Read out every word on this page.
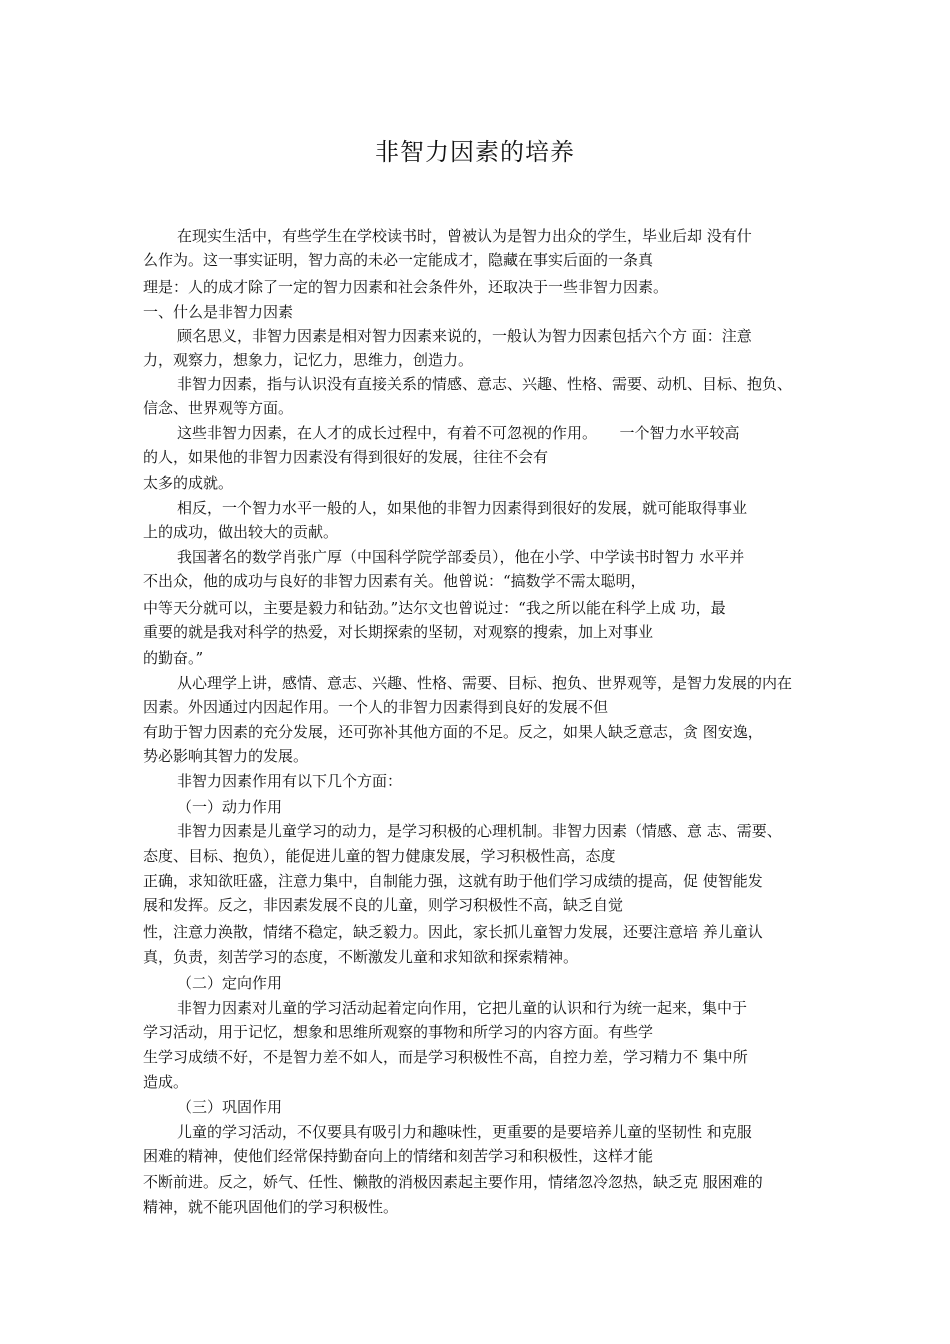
非智力因素的培养

在现实生活中，有些学生在学校读书时，曾被认为是智力出众的学生，毕业后却 没有什

么作为。这一事实证明，智力高的未必一定能成才，隐藏在事实后面的一条真

理是：人的成才除了一定的智力因素和社会条件外，还取决于一些非智力因素。

一、什么是非智力因素

顾名思义，非智力因素是相对智力因素来说的，一般认为智力因素包括六个方 面：注意

力，观察力，想象力，记忆力，思维力，创造力。

非智力因素，指与认识没有直接关系的情感、意志、兴趣、性格、需要、动机、目标、抱负、

信念、世界观等方面。

这些非智力因素，在人才的成长过程中，有着不可忽视的作用。　　一个智力水平较高

的人，如果他的非智力因素没有得到很好的发展，往往不会有

太多的成就。

相反，一个智力水平一般的人，如果他的非智力因素得到很好的发展，就可能取得事业

上的成功，做出较大的贡献。

我国著名的数学肖张广厚（中国科学院学部委员），他在小学、中学读书时智力 水平并

不出众，他的成功与良好的非智力因素有关。他曾说：“搞数学不需太聪明，

中等天分就可以，主要是毅力和钻劲。”达尔文也曾说过：“我之所以能在科学上成 功，最

重要的就是我对科学的热爱，对长期探索的坚韧，对观察的搜索，加上对事业

的勤奋。”

从心理学上讲，感情、意志、兴趣、性格、需要、目标、抱负、世界观等，是智力发展的内在

因素。外因通过内因起作用。一个人的非智力因素得到良好的发展不但

有助于智力因素的充分发展，还可弥补其他方面的不足。反之，如果人缺乏意志，贪 图安逸，

势必影响其智力的发展。

非智力因素作用有以下几个方面：

（一）动力作用

非智力因素是儿童学习的动力，是学习积极的心理机制。非智力因素（情感、意 志、需要、

态度、目标、抱负），能促进儿童的智力健康发展，学习积极性高，态度

正确，求知欲旺盛，注意力集中，自制能力强，这就有助于他们学习成绩的提高，促 使智能发

展和发挥。反之，非因素发展不良的儿童，则学习积极性不高，缺乏自觉

性，注意力涣散，情绪不稳定，缺乏毅力。因此，家长抓儿童智力发展，还要注意培 养儿童认

真，负责，刻苦学习的态度，不断激发儿童和求知欲和探索精神。

（二）定向作用

非智力因素对儿童的学习活动起着定向作用，它把儿童的认识和行为统一起来，集中于

学习活动，用于记忆，想象和思维所观察的事物和所学习的内容方面。有些学

生学习成绩不好，不是智力差不如人，而是学习积极性不高，自控力差，学习精力不 集中所

造成。

（三）巩固作用

儿童的学习活动，不仅要具有吸引力和趣味性，更重要的是要培养儿童的坚韧性 和克服

困难的精神，使他们经常保持勤奋向上的情绪和刻苦学习和积极性，这样才能

不断前进。反之，娇气、任性、懒散的消极因素起主要作用，情绪忽冷忽热，缺乏克 服困难的

精神，就不能巩固他们的学习积极性。
